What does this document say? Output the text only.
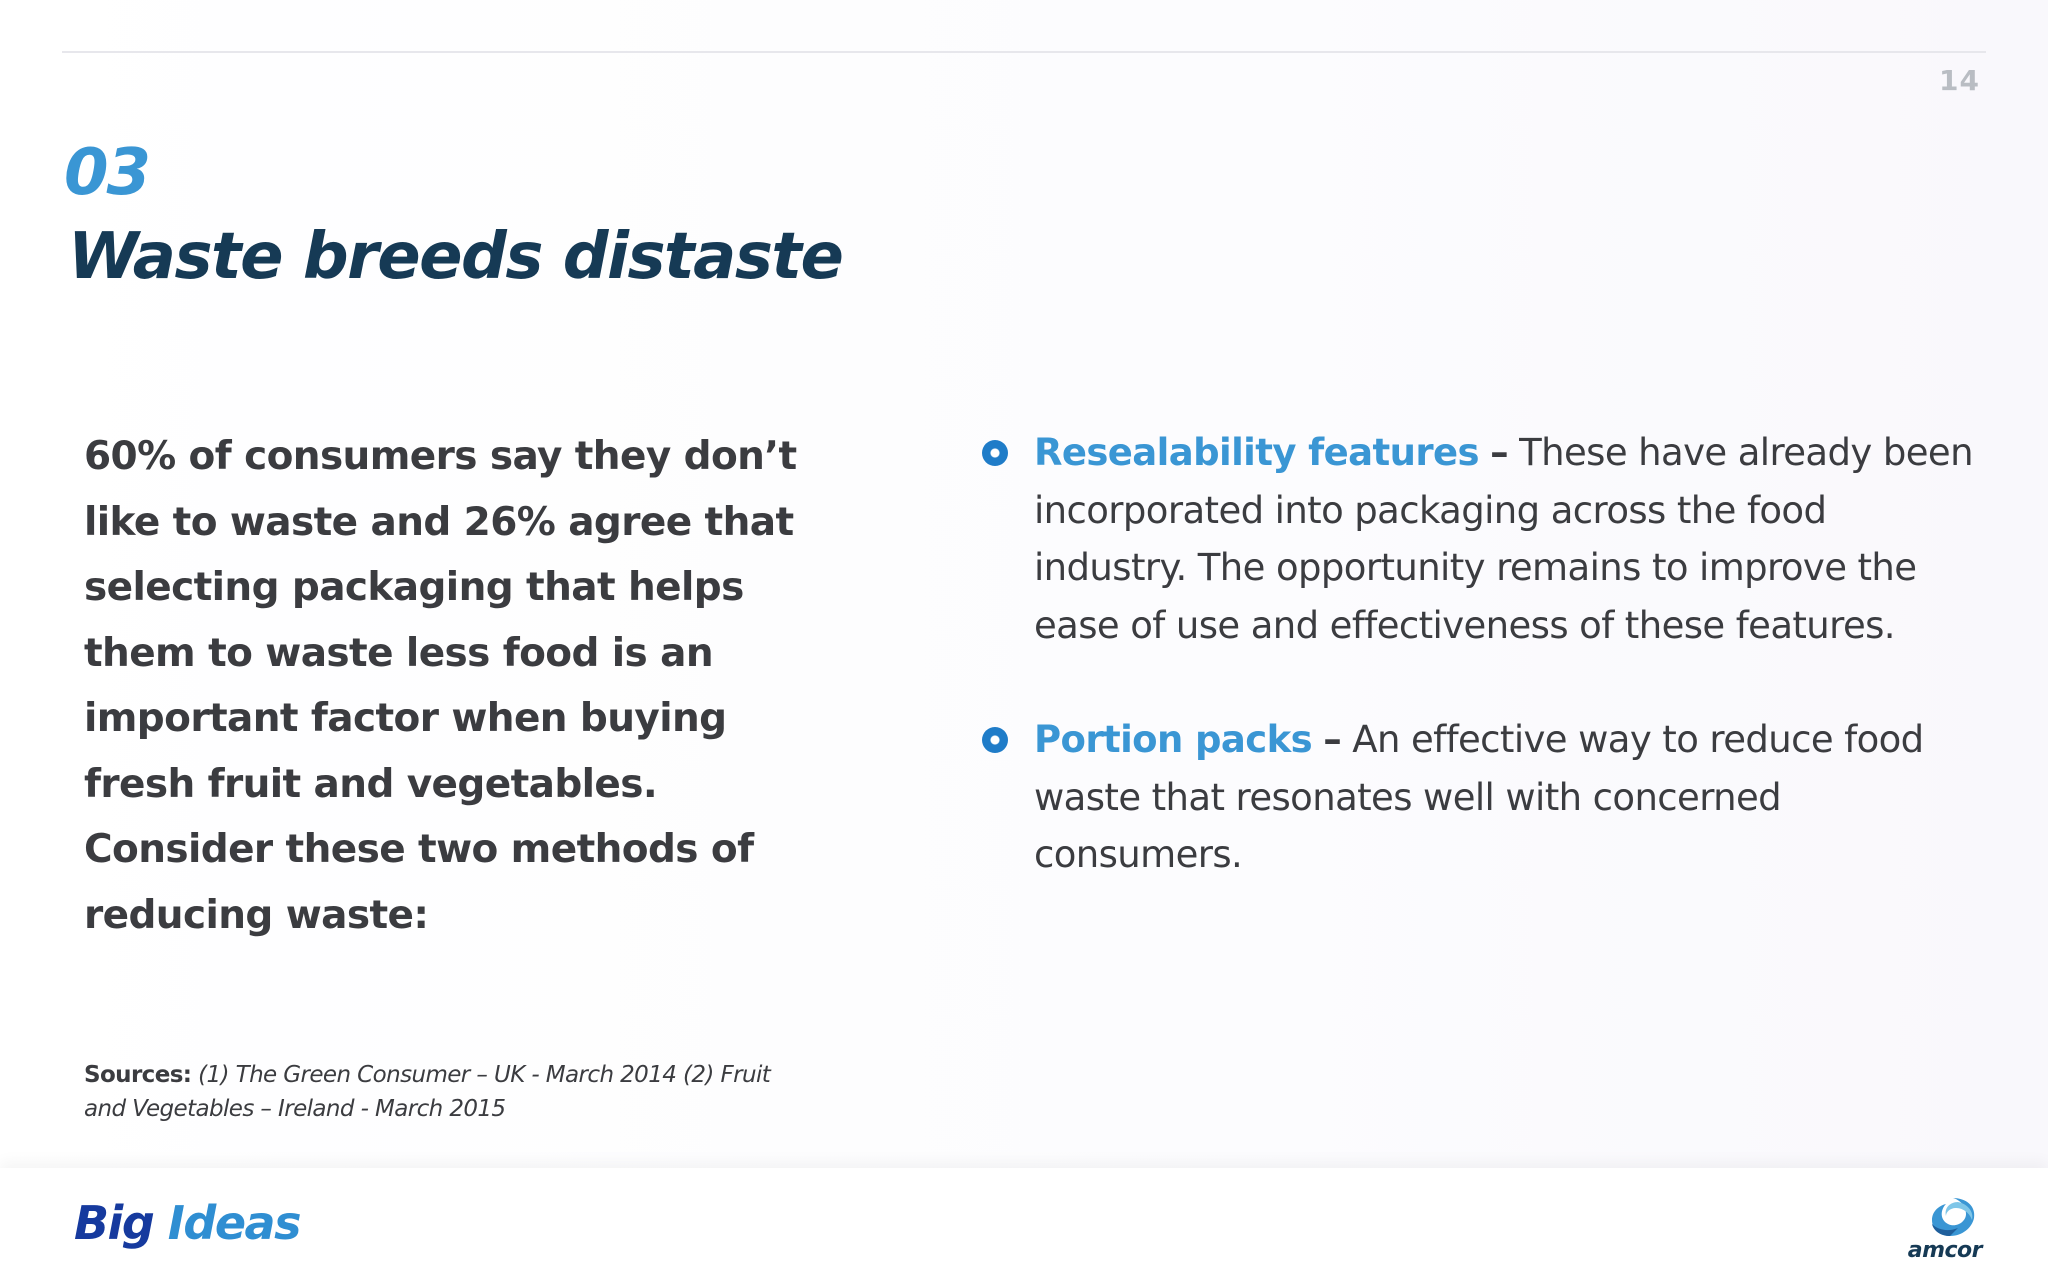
14
03
Waste breeds distaste

60% of consumers say they don’t like to waste and 26% agree that selecting packaging that helps them to waste less food is an important factor when buying fresh fruit and vegetables. Consider these two methods of reducing waste:

Resealability features – These have already been incorporated into packaging across the food industry. The opportunity remains to improve the ease of use and effectiveness of these features.
Portion packs – An effective way to reduce food waste that resonates well with concerned consumers.

Sources: (1) The Green Consumer – UK - March 2014 (2) Fruit and Vegetables – Ireland - March 2015

Big Ideas
amcor
